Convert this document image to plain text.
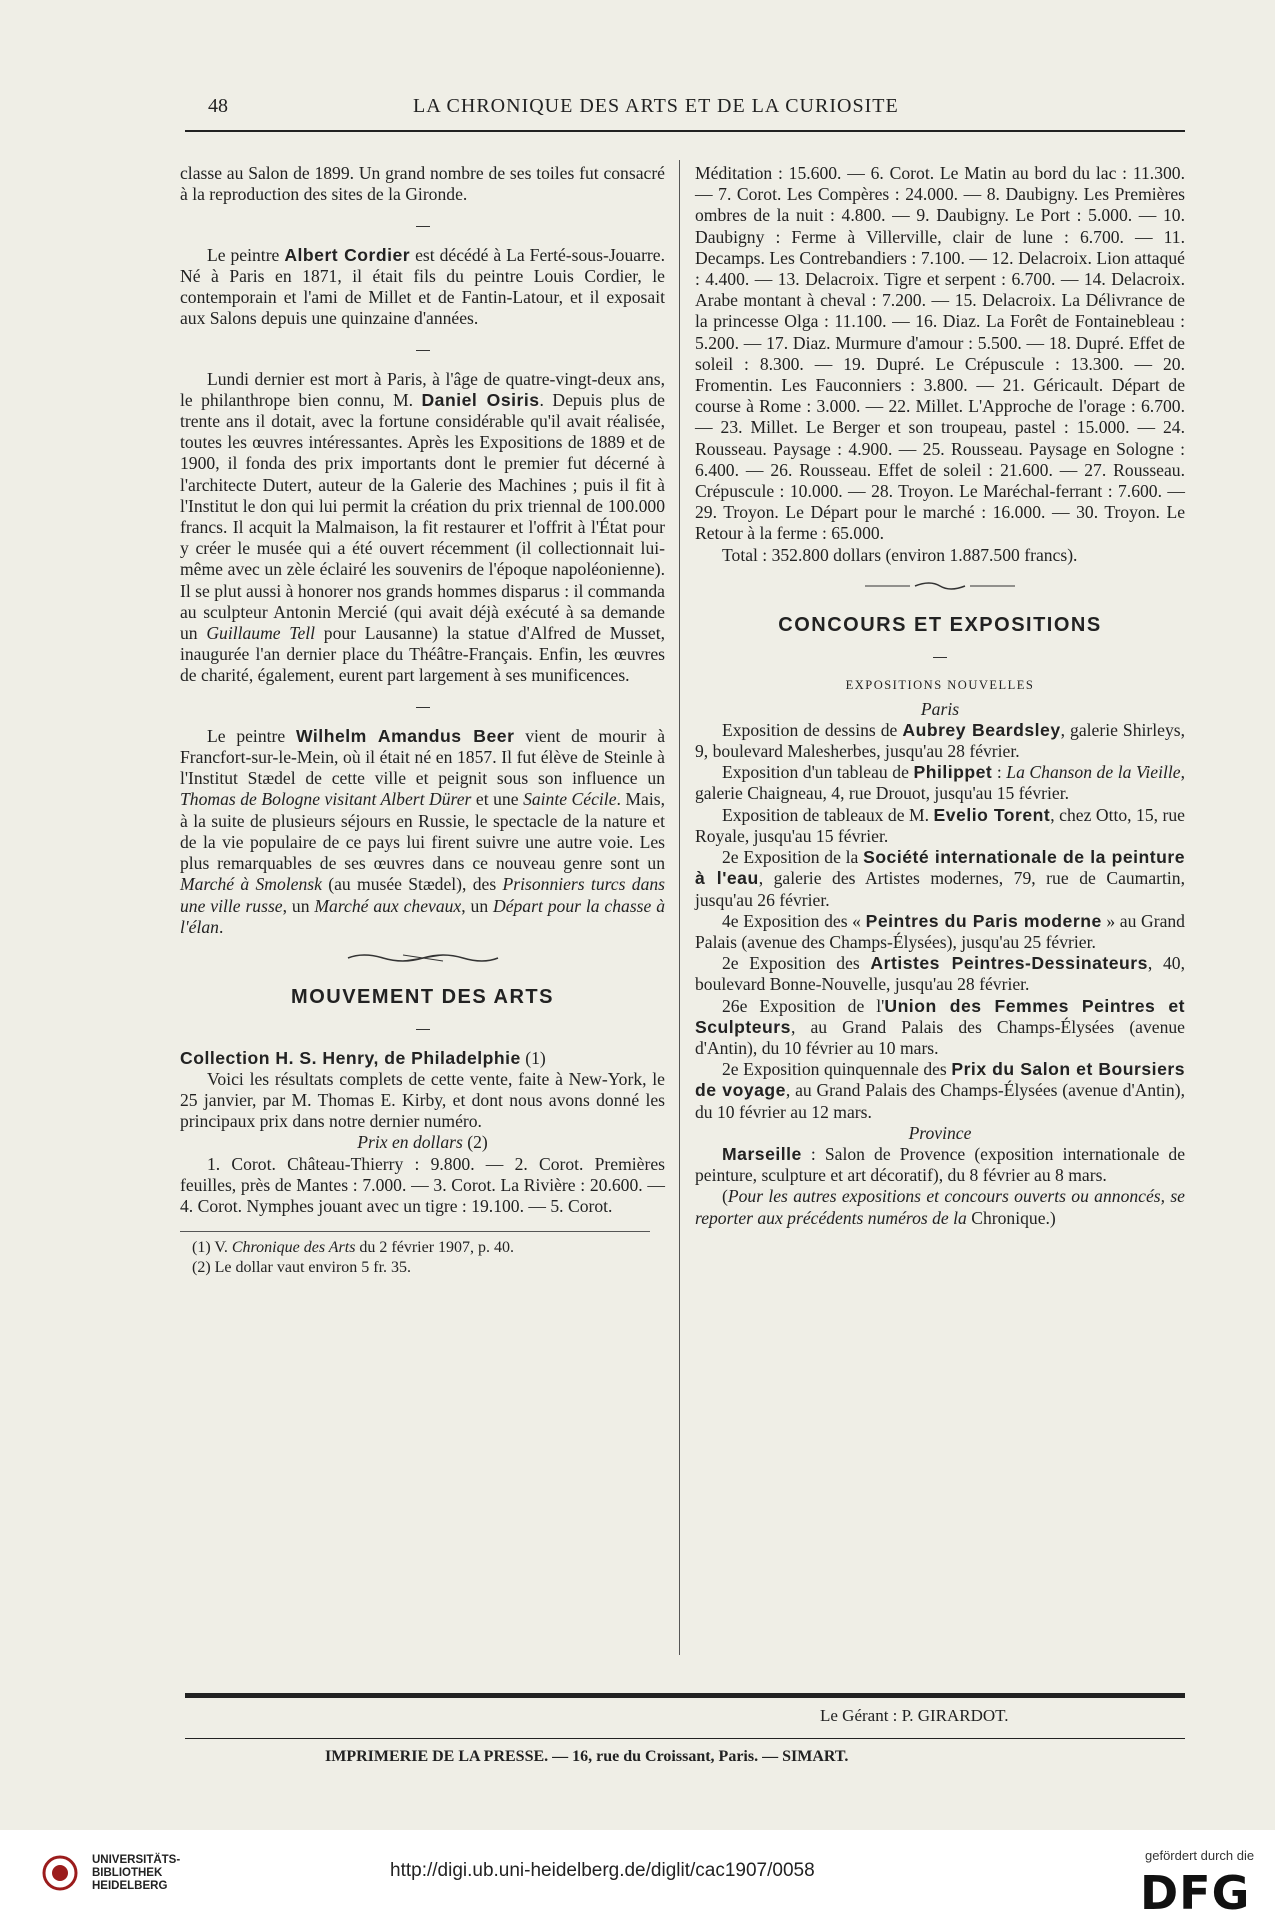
48	LA CHRONIQUE DES ARTS ET DE LA CURIOSITE

classe au Salon de 1899. Un grand nombre de ses toiles fut consacré à la reproduction des sites de la Gironde.

Le peintre Albert Cordier est décédé à La Ferté-sous-Jouarre. Né à Paris en 1871, il était fils du peintre Louis Cordier, le contemporain et l'ami de Millet et de Fantin-Latour, et il exposait aux Salons depuis une quinzaine d'années.

Lundi dernier est mort à Paris, à l'âge de quatre-vingt-deux ans, le philanthrope bien connu, M. Daniel Osiris. Depuis plus de trente ans il dotait, avec la fortune considérable qu'il avait réalisée, toutes les œuvres intéressantes. Après les Expositions de 1889 et de 1900, il fonda des prix importants dont le premier fut décerné à l'architecte Dutert, auteur de la Galerie des Machines ; puis il fit à l'Institut le don qui lui permit la création du prix triennal de 100.000 francs. Il acquit la Malmaison, la fit restaurer et l'offrit à l'État pour y créer le musée qui a été ouvert récemment (il collectionnait lui-même avec un zèle éclairé les souvenirs de l'époque napoléonienne). Il se plut aussi à honorer nos grands hommes disparus : il commanda au sculpteur Antonin Mercié (qui avait déjà exécuté à sa demande un Guillaume Tell pour Lausanne) la statue d'Alfred de Musset, inaugurée l'an dernier place du Théâtre-Français. Enfin, les œuvres de charité, également, eurent part largement à ses munificences.

Le peintre Wilhelm Amandus Beer vient de mourir à Francfort-sur-le-Mein, où il était né en 1857. Il fut élève de Steinle à l'Institut Stædel de cette ville et peignit sous son influence un Thomas de Bologne visitant Albert Dürer et une Sainte Cécile. Mais, à la suite de plusieurs séjours en Russie, le spectacle de la nature et de la vie populaire de ce pays lui firent suivre une autre voie. Les plus remarquables de ses œuvres dans ce nouveau genre sont un Marché à Smolensk (au musée Stædel), des Prisonniers turcs dans une ville russe, un Marché aux chevaux, un Départ pour la chasse à l'élan.

MOUVEMENT DES ARTS

Collection H. S. Henry, de Philadelphie (1)

Voici les résultats complets de cette vente, faite à New-York, le 25 janvier, par M. Thomas E. Kirby, et dont nous avons donné les principaux prix dans notre dernier numéro.

Prix en dollars (2)

1. Corot. Château-Thierry : 9.800. — 2. Corot. Premières feuilles, près de Mantes : 7.000. — 3. Corot. La Rivière : 20.600. — 4. Corot. Nymphes jouant avec un tigre : 19.100. — 5. Corot.

(1) V. Chronique des Arts du 2 février 1907, p. 40.

(2) Le dollar vaut environ 5 fr. 35.

Méditation : 15.600. — 6. Corot. Le Matin au bord du lac : 11.300. — 7. Corot. Les Compères : 24.000. — 8. Daubigny. Les Premières ombres de la nuit : 4.800. — 9. Daubigny. Le Port : 5.000. — 10. Daubigny : Ferme à Villerville, clair de lune : 6.700. — 11. Decamps. Les Contrebandiers : 7.100. — 12. Delacroix. Lion attaqué : 4.400. — 13. Delacroix. Tigre et serpent : 6.700. — 14. Delacroix. Arabe montant à cheval : 7.200. — 15. Delacroix. La Délivrance de la princesse Olga : 11.100. — 16. Diaz. La Forêt de Fontainebleau : 5.200. — 17. Diaz. Murmure d'amour : 5.500. — 18. Dupré. Effet de soleil : 8.300. — 19. Dupré. Le Crépuscule : 13.300. — 20. Fromentin. Les Fauconniers : 3.800. — 21. Géricault. Départ de course à Rome : 3.000. — 22. Millet. L'Approche de l'orage : 6.700. — 23. Millet. Le Berger et son troupeau, pastel : 15.000. — 24. Rousseau. Paysage : 4.900. — 25. Rousseau. Paysage en Sologne : 6.400. — 26. Rousseau. Effet de soleil : 21.600. — 27. Rousseau. Crépuscule : 10.000. — 28. Troyon. Le Maréchal-ferrant : 7.600. — 29. Troyon. Le Départ pour le marché : 16.000. — 30. Troyon. Le Retour à la ferme : 65.000.

Total : 352.800 dollars (environ 1.887.500 francs).

CONCOURS ET EXPOSITIONS
EXPOSITIONS NOUVELLES

Paris

Exposition de dessins de Aubrey Beardsley, galerie Shirleys, 9, boulevard Malesherbes, jusqu'au 28 février.

Exposition d'un tableau de Philippet : La Chanson de la Vieille, galerie Chaigneau, 4, rue Drouot, jusqu'au 15 février.

Exposition de tableaux de M. Evelio Torent, chez Otto, 15, rue Royale, jusqu'au 15 février.

2e Exposition de la Société internationale de la peinture à l'eau, galerie des Artistes modernes, 79, rue de Caumartin, jusqu'au 26 février.

4e Exposition des « Peintres du Paris moderne » au Grand Palais (avenue des Champs-Élysées), jusqu'au 25 février.

2e Exposition des Artistes Peintres-Dessinateurs, 40, boulevard Bonne-Nouvelle, jusqu'au 28 février.

26e Exposition de l'Union des Femmes Peintres et Sculpteurs, au Grand Palais des Champs-Élysées (avenue d'Antin), du 10 février au 10 mars.

2e Exposition quinquennale des Prix du Salon et Boursiers de voyage, au Grand Palais des Champs-Élysées (avenue d'Antin), du 10 février au 12 mars.

Province

Marseille : Salon de Provence (exposition internationale de peinture, sculpture et art décoratif), du 8 février au 8 mars.

(Pour les autres expositions et concours ouverts ou annoncés, se reporter aux précédents numéros de la Chronique.)

Le Gérant : P. GIRARDOT.
IMPRIMERIE DE LA PRESSE. — 16, rue du Croissant, Paris. — SIMART.
UNIVERSITÄTS-
BIBLIOTHEK
HEIDELBERG
http://digi.ub.uni-heidelberg.de/diglit/cac1907/0058
gefördert durch die
DFG
